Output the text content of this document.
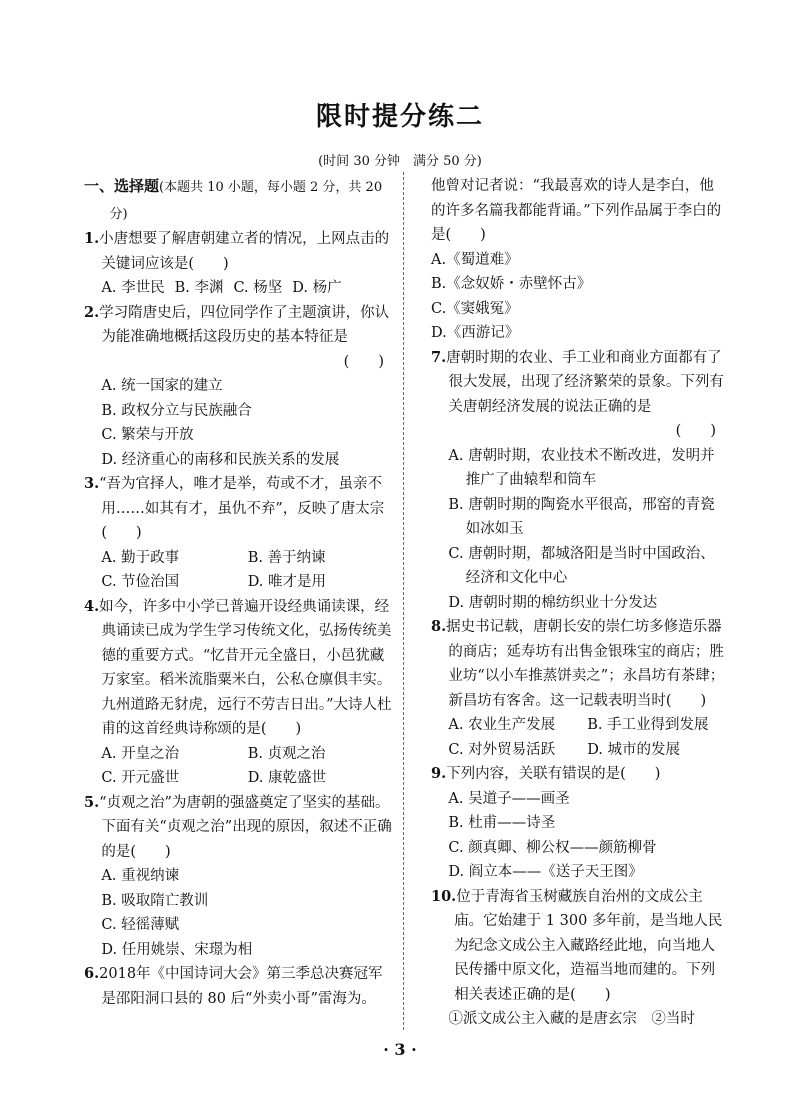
限时提分练二

(时间 30 分钟　满分 50 分)

一、选择题(本题共 10 小题，每小题 2 分，共 20 分)
1.小唐想要了解唐朝建立者的情况，上网点击的关键词应该是(　　)
A. 李世民 B. 李渊 C. 杨坚 D. 杨广
2.学习隋唐史后，四位同学作了主题演讲，你认为能准确地概括这段历史的基本特征是
(　　)
A. 统一国家的建立
B. 政权分立与民族融合
C. 繁荣与开放
D. 经济重心的南移和民族关系的发展
3.“吾为官择人，唯才是举，苟或不才，虽亲不用……如其有才，虽仇不弃”，反映了唐太宗(　　)
A. 勤于政事	B. 善于纳谏
C. 节俭治国	D. 唯才是用
4.如今，许多中小学已普遍开设经典诵读课，经典诵读已成为学生学习传统文化，弘扬传统美德的重要方式。“忆昔开元全盛日，小邑犹藏万家室。稻米流脂粟米白，公私仓廪俱丰实。九州道路无豺虎，远行不劳吉日出。”大诗人杜甫的这首经典诗称颂的是(　　)
A. 开皇之治	B. 贞观之治
C. 开元盛世	D. 康乾盛世
5.“贞观之治”为唐朝的强盛奠定了坚实的基础。下面有关“贞观之治”出现的原因，叙述不正确的是(　　)
A. 重视纳谏
B. 吸取隋亡教训
C. 轻徭薄赋
D. 任用姚崇、宋璟为相
6.2018年《中国诗词大会》第三季总决赛冠军是邵阳洞口县的 80 后“外卖小哥”雷海为。
他曾对记者说：“我最喜欢的诗人是李白，他的许多名篇我都能背诵。”下列作品属于李白的是(　　)
A.《蜀道难》
B.《念奴娇・赤壁怀古》
C.《窦娥冤》
D.《西游记》
7.唐朝时期的农业、手工业和商业方面都有了很大发展，出现了经济繁荣的景象。下列有关唐朝经济发展的说法正确的是
(　　)
A. 唐朝时期，农业技术不断改进，发明并推广了曲辕犁和筒车
B. 唐朝时期的陶瓷水平很高，邢窑的青瓷如冰如玉
C. 唐朝时期，都城洛阳是当时中国政治、经济和文化中心
D. 唐朝时期的棉纺织业十分发达
8.据史书记载，唐朝长安的崇仁坊多修造乐器的商店；延寿坊有出售金银珠宝的商店；胜业坊“以小车推蒸饼卖之”；永昌坊有茶肆；新昌坊有客舍。这一记载表明当时(　　)
A. 农业生产发展	B. 手工业得到发展
C. 对外贸易活跃	D. 城市的发展
9.下列内容，关联有错误的是(　　)
A. 吴道子——画圣
B. 杜甫——诗圣
C. 颜真卿、柳公权——颜筋柳骨
D. 阎立本——《送子天王图》
10.位于青海省玉树藏族自治州的文成公主庙。它始建于 1 300 多年前，是当地人民为纪念文成公主入藏路经此地，向当地人民传播中原文化，造福当地而建的。下列相关表述正确的是(　　)
①派文成公主入藏的是唐玄宗　②当时
· 3 ·
